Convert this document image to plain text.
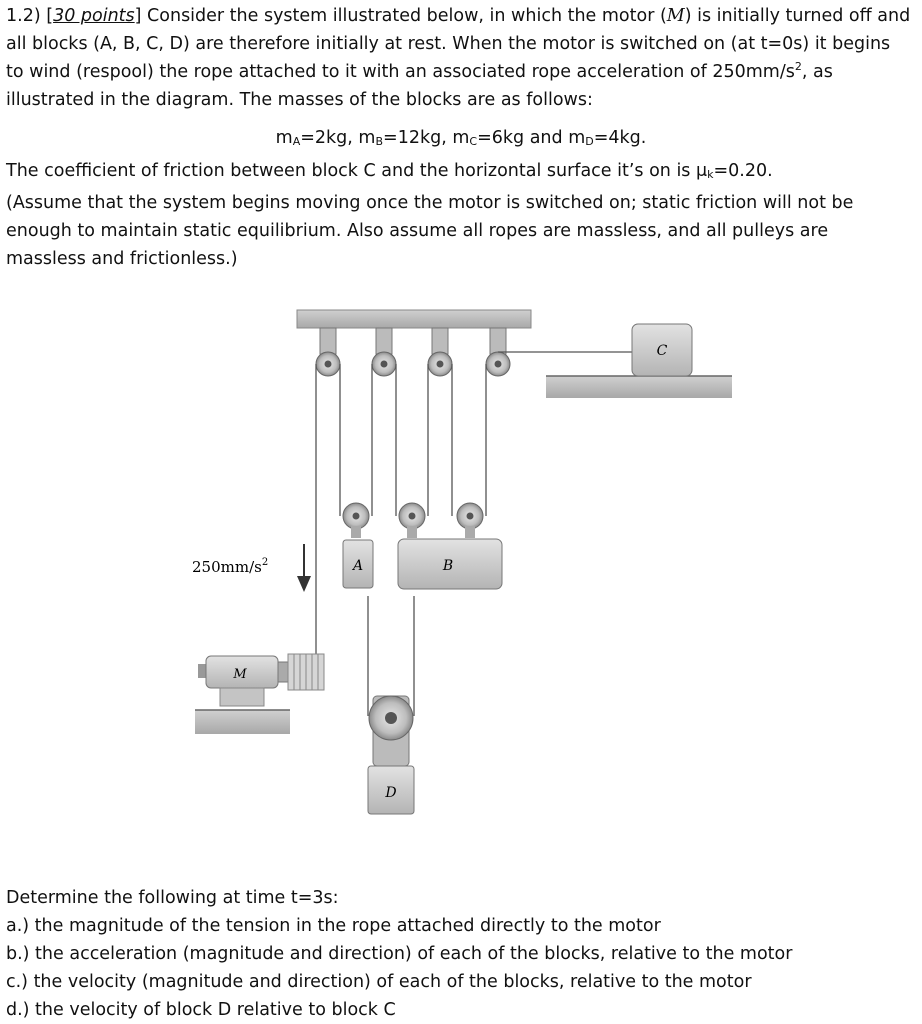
1.2) [30 points] Consider the system illustrated below, in which the motor (M) is initially turned off and all blocks (A, B, C, D) are therefore initially at rest. When the motor is switched on (at t=0s) it begins to wind (respool) the rope attached to it with an associated rope acceleration of $250mm/s^2$, as illustrated in the diagram. The masses of the blocks are as follows:

$m_A=2kg$, $m_B=12kg$, $m_C=6kg$ and $m_D=4kg$.

The coefficient of friction between block C and the horizontal surface it’s on is $\mu_k=0.20$.
(Assume that the system begins moving once the motor is switched on; static friction will not be enough to maintain static equilibrium. Also assume all ropes are massless, and all pulleys are massless and frictionless.)

A	B
C
D
M
$250mm/s^2$
Determine the following at time t=3s:
a.) the magnitude of the tension in the rope attached directly to the motor
b.) the acceleration (magnitude and direction) of each of the blocks, relative to the motor
c.) the velocity (magnitude and direction) of each of the blocks, relative to the motor
d.) the velocity of block D relative to block C
